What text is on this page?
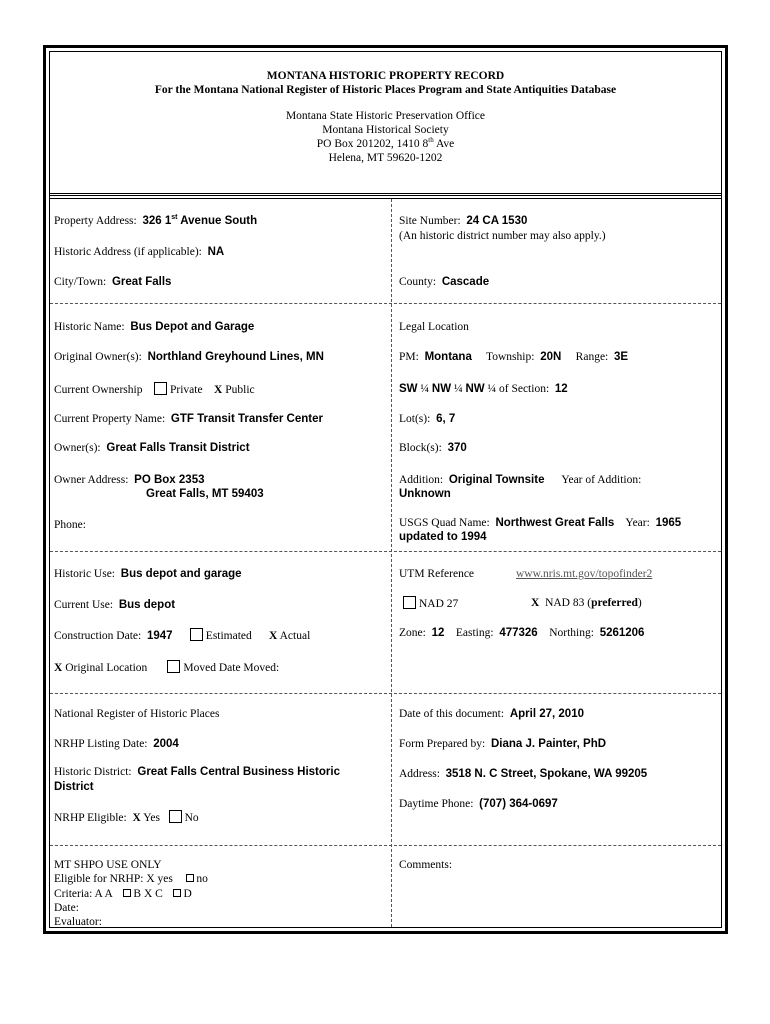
MONTANA HISTORIC PROPERTY RECORD
For the Montana National Register of Historic Places Program and State Antiquities Database
Montana State Historic Preservation Office
Montana Historical Society
PO Box 201202, 1410 8th Ave
Helena, MT 59620-1202
Property Address: 326 1st Avenue South
Historic Address (if applicable): NA
City/Town: Great Falls
Historic Name: Bus Depot and Garage
Original Owner(s): Northland Greyhound Lines, MN
Current Ownership Private X Public
Current Property Name: GTF Transit Transfer Center
Owner(s): Great Falls Transit District
Owner Address: PO Box 2353
Great Falls, MT 59403
Phone:
Historic Use: Bus depot and garage
Current Use: Bus depot
Construction Date: 1947	Estimated X Actual
X Original Location	Moved Date Moved:
National Register of Historic Places
NRHP Listing Date: 2004
Historic District: Great Falls Central Business Historic
District
NRHP Eligible: X Yes No
MT SHPO USE ONLY
Eligible for NRHP: X yes no
Criteria: A A B X C D
Date:
Evaluator:
Site Number: 24 CA 1530
(An historic district number may also apply.)
County: Cascade
Legal Location
PM: Montana Township: 20N Range: 3E
SW ¼ NW ¼ NW ¼ of Section: 12
Lot(s): 6, 7
Block(s): 370
Addition: Original Townsite Year of Addition:
Unknown
USGS Quad Name: Northwest Great Falls Year: 1965
updated to 1994
UTM Reference	www.nris.mt.gov/topofinder2
NAD 27	X NAD 83 (preferred)
Zone: 12 Easting: 477326 Northing: 5261206
Date of this document: April 27, 2010
Form Prepared by: Diana J. Painter, PhD
Address: 3518 N. C Street, Spokane, WA 99205
Daytime Phone: (707) 364-0697
Comments:
